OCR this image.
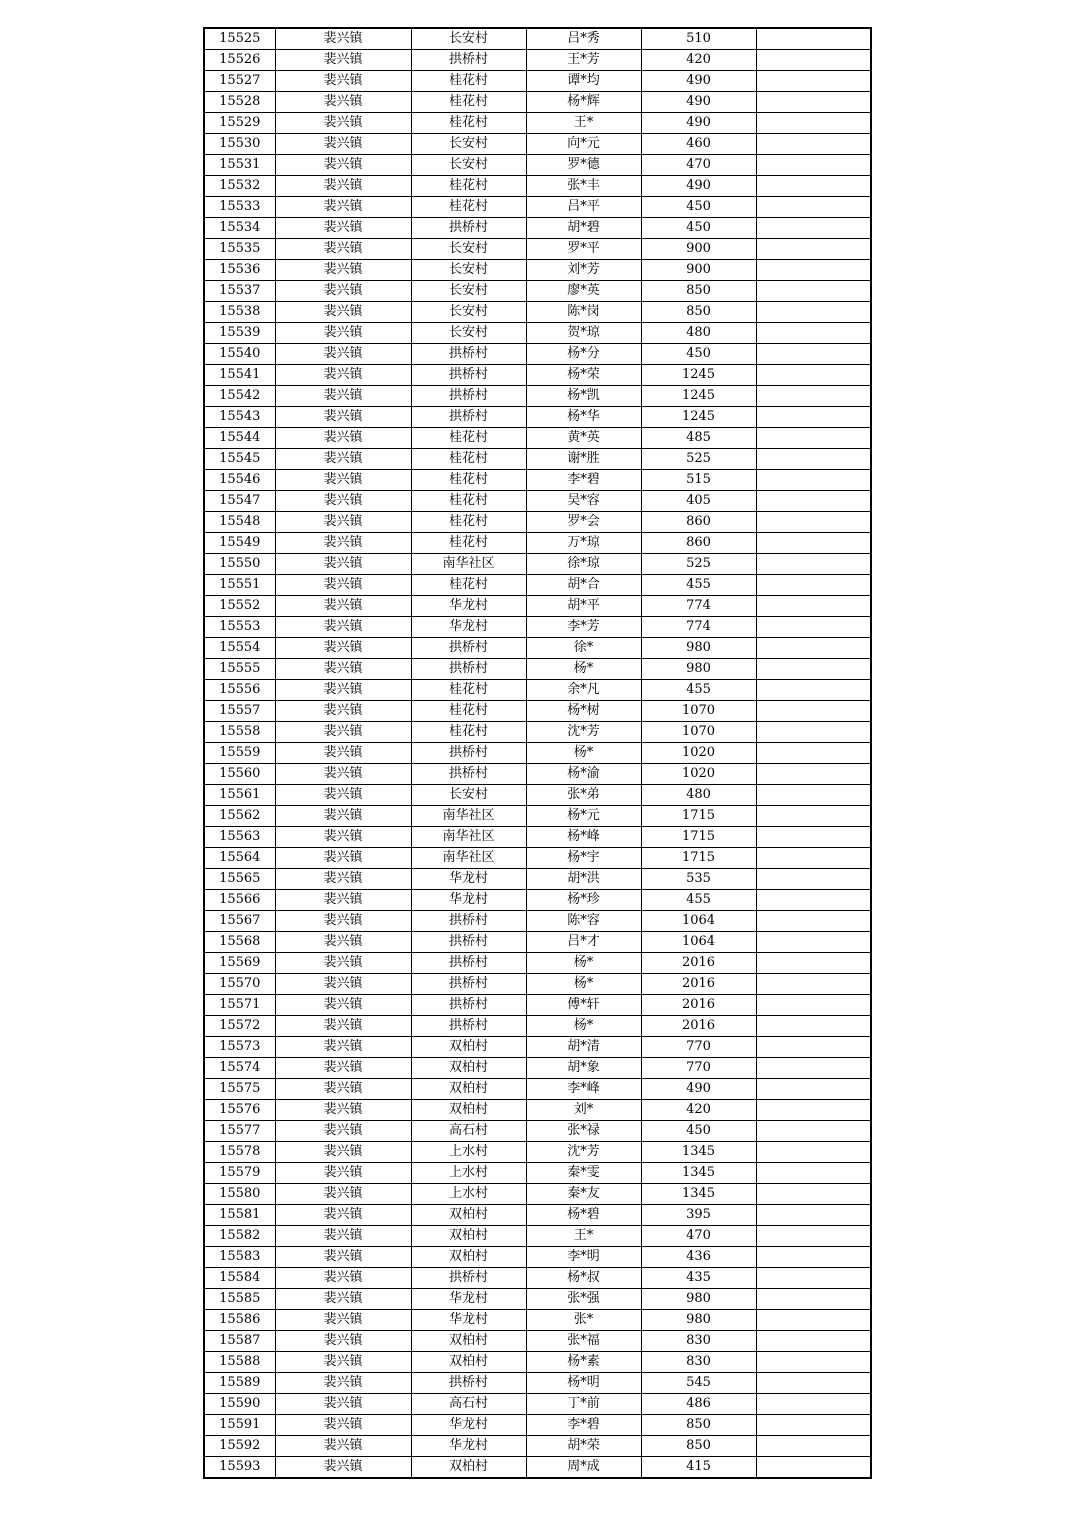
15525	裴兴镇	长安村	吕*秀	510	
15526	裴兴镇	拱桥村	王*芳	420	
15527	裴兴镇	桂花村	谭*均	490	
15528	裴兴镇	桂花村	杨*辉	490	
15529	裴兴镇	桂花村	王*	490	
15530	裴兴镇	长安村	向*元	460	
15531	裴兴镇	长安村	罗*德	470	
15532	裴兴镇	桂花村	张*丰	490	
15533	裴兴镇	桂花村	吕*平	450	
15534	裴兴镇	拱桥村	胡*碧	450	
15535	裴兴镇	长安村	罗*平	900	
15536	裴兴镇	长安村	刘*芳	900	
15537	裴兴镇	长安村	廖*英	850	
15538	裴兴镇	长安村	陈*岗	850	
15539	裴兴镇	长安村	贺*琼	480	
15540	裴兴镇	拱桥村	杨*分	450	
15541	裴兴镇	拱桥村	杨*荣	1245	
15542	裴兴镇	拱桥村	杨*凯	1245	
15543	裴兴镇	拱桥村	杨*华	1245	
15544	裴兴镇	桂花村	黄*英	485	
15545	裴兴镇	桂花村	谢*胜	525	
15546	裴兴镇	桂花村	李*碧	515	
15547	裴兴镇	桂花村	吴*容	405	
15548	裴兴镇	桂花村	罗*会	860	
15549	裴兴镇	桂花村	万*琼	860	
15550	裴兴镇	南华社区	徐*琼	525	
15551	裴兴镇	桂花村	胡*合	455	
15552	裴兴镇	华龙村	胡*平	774	
15553	裴兴镇	华龙村	李*芳	774	
15554	裴兴镇	拱桥村	徐*	980	
15555	裴兴镇	拱桥村	杨*	980	
15556	裴兴镇	桂花村	余*凡	455	
15557	裴兴镇	桂花村	杨*树	1070	
15558	裴兴镇	桂花村	沈*芳	1070	
15559	裴兴镇	拱桥村	杨*	1020	
15560	裴兴镇	拱桥村	杨*渝	1020	
15561	裴兴镇	长安村	张*弟	480	
15562	裴兴镇	南华社区	杨*元	1715	
15563	裴兴镇	南华社区	杨*峰	1715	
15564	裴兴镇	南华社区	杨*宇	1715	
15565	裴兴镇	华龙村	胡*洪	535	
15566	裴兴镇	华龙村	杨*珍	455	
15567	裴兴镇	拱桥村	陈*容	1064	
15568	裴兴镇	拱桥村	吕*才	1064	
15569	裴兴镇	拱桥村	杨*	2016	
15570	裴兴镇	拱桥村	杨*	2016	
15571	裴兴镇	拱桥村	傅*轩	2016	
15572	裴兴镇	拱桥村	杨*	2016	
15573	裴兴镇	双柏村	胡*清	770	
15574	裴兴镇	双柏村	胡*象	770	
15575	裴兴镇	双柏村	李*峰	490	
15576	裴兴镇	双柏村	刘*	420	
15577	裴兴镇	高石村	张*禄	450	
15578	裴兴镇	上水村	沈*芳	1345	
15579	裴兴镇	上水村	秦*雯	1345	
15580	裴兴镇	上水村	秦*友	1345	
15581	裴兴镇	双柏村	杨*碧	395	
15582	裴兴镇	双柏村	王*	470	
15583	裴兴镇	双柏村	李*明	436	
15584	裴兴镇	拱桥村	杨*叔	435	
15585	裴兴镇	华龙村	张*强	980	
15586	裴兴镇	华龙村	张*	980	
15587	裴兴镇	双柏村	张*福	830	
15588	裴兴镇	双柏村	杨*素	830	
15589	裴兴镇	拱桥村	杨*明	545	
15590	裴兴镇	高石村	丁*前	486	
15591	裴兴镇	华龙村	李*碧	850	
15592	裴兴镇	华龙村	胡*荣	850	
15593	裴兴镇	双柏村	周*成	415	
